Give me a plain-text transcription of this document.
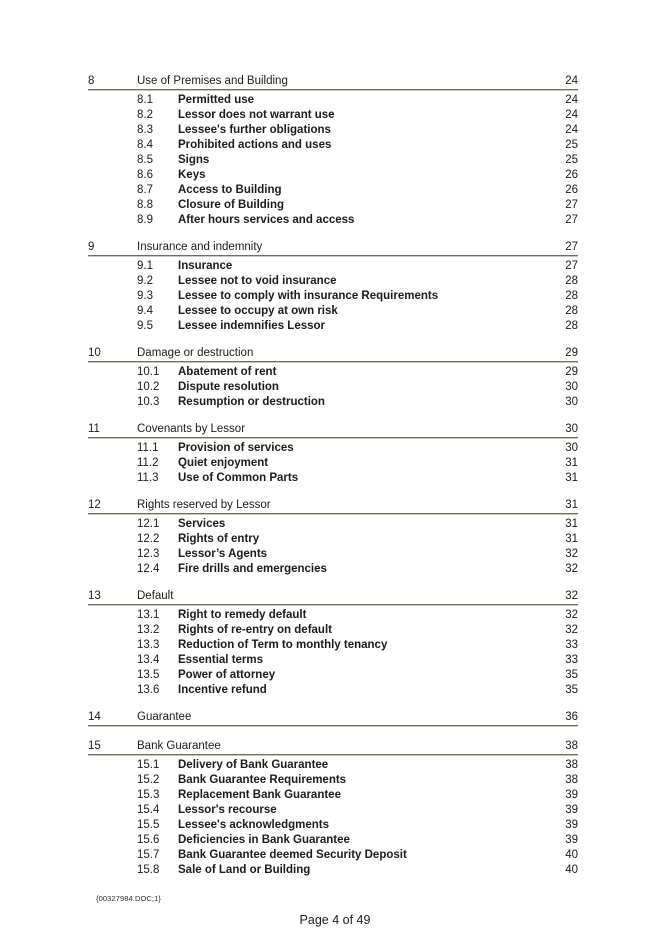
8	Use of Premises and Building	24
8.1	Permitted use	24
8.2	Lessor does not warrant use	24
8.3	Lessee's further obligations	24
8.4	Prohibited actions and uses	25
8.5	Signs	25
8.6	Keys	26
8.7	Access to Building	26
8.8	Closure of Building	27
8.9	After hours services and access	27
9	Insurance and indemnity	27
9.1	Insurance	27
9.2	Lessee not to void insurance	28
9.3	Lessee to comply with insurance Requirements	28
9.4	Lessee to occupy at own risk	28
9.5	Lessee indemnifies Lessor	28
10	Damage or destruction	29
10.1	Abatement of rent	29
10.2	Dispute resolution	30
10.3	Resumption or destruction	30
11	Covenants by Lessor	30
11.1	Provision of services	30
11.2	Quiet enjoyment	31
11.3	Use of Common Parts	31
12	Rights reserved by Lessor	31
12.1	Services	31
12.2	Rights of entry	31
12.3	Lessor’s Agents	32
12.4	Fire drills and emergencies	32
13	Default	32
13.1	Right to remedy default	32
13.2	Rights of re-entry on default	32
13.3	Reduction of Term to monthly tenancy	33
13.4	Essential terms	33
13.5	Power of attorney	35
13.6	Incentive refund	35
14	Guarantee	36
15	Bank Guarantee	38
15.1	Delivery of Bank Guarantee	38
15.2	Bank Guarantee Requirements	38
15.3	Replacement Bank Guarantee	39
15.4	Lessor's recourse	39
15.5	Lessee's acknowledgments	39
15.6	Deficiencies in Bank Guarantee	39
15.7	Bank Guarantee deemed Security Deposit	40
15.8	Sale of Land or Building	40
{00327984.DOC;1}
Page 4 of 49
